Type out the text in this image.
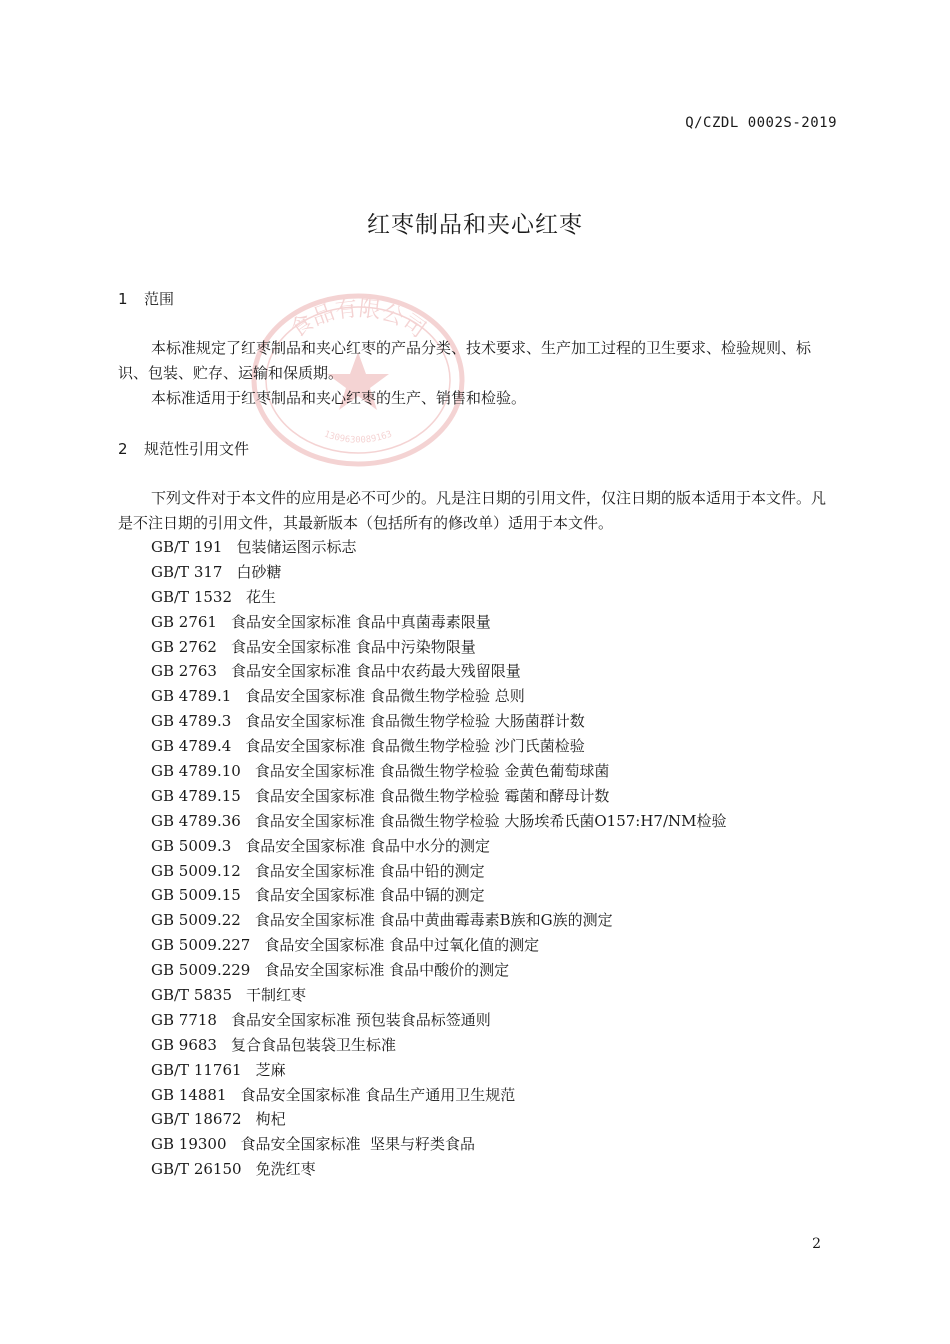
食品有限公司
1309630089163
Q/CZDL 0002S-2019
红枣制品和夹心红枣
1 范围
本标准规定了红枣制品和夹心红枣的产品分类、技术要求、生产加工过程的卫生要求、检验规则、标识、包装、贮存、运输和保质期。
本标准适用于红枣制品和夹心红枣的生产、销售和检验。
2 规范性引用文件
下列文件对于本文件的应用是必不可少的。凡是注日期的引用文件，仅注日期的版本适用于本文件。凡是不注日期的引用文件，其最新版本（包括所有的修改单）适用于本文件。
GB/T 191 包装储运图示标志
GB/T 317 白砂糖
GB/T 1532 花生
GB 2761 食品安全国家标准 食品中真菌毒素限量
GB 2762 食品安全国家标准 食品中污染物限量
GB 2763 食品安全国家标准 食品中农药最大残留限量
GB 4789.1 食品安全国家标准 食品微生物学检验 总则
GB 4789.3 食品安全国家标准 食品微生物学检验 大肠菌群计数
GB 4789.4 食品安全国家标准 食品微生物学检验 沙门氏菌检验
GB 4789.10 食品安全国家标准 食品微生物学检验 金黄色葡萄球菌
GB 4789.15 食品安全国家标准 食品微生物学检验 霉菌和酵母计数
GB 4789.36 食品安全国家标准 食品微生物学检验 大肠埃希氏菌O157:H7/NM检验
GB 5009.3 食品安全国家标准 食品中水分的测定
GB 5009.12 食品安全国家标准 食品中铅的测定
GB 5009.15 食品安全国家标准 食品中镉的测定
GB 5009.22 食品安全国家标准 食品中黄曲霉毒素B族和G族的测定
GB 5009.227 食品安全国家标准 食品中过氧化值的测定
GB 5009.229 食品安全国家标准 食品中酸价的测定
GB/T 5835 干制红枣
GB 7718 食品安全国家标准 预包装食品标签通则
GB 9683 复合食品包装袋卫生标准
GB/T 11761 芝麻
GB 14881 食品安全国家标准 食品生产通用卫生规范
GB/T 18672 枸杞
GB 19300 食品安全国家标准  坚果与籽类食品
GB/T 26150 免洗红枣
2
